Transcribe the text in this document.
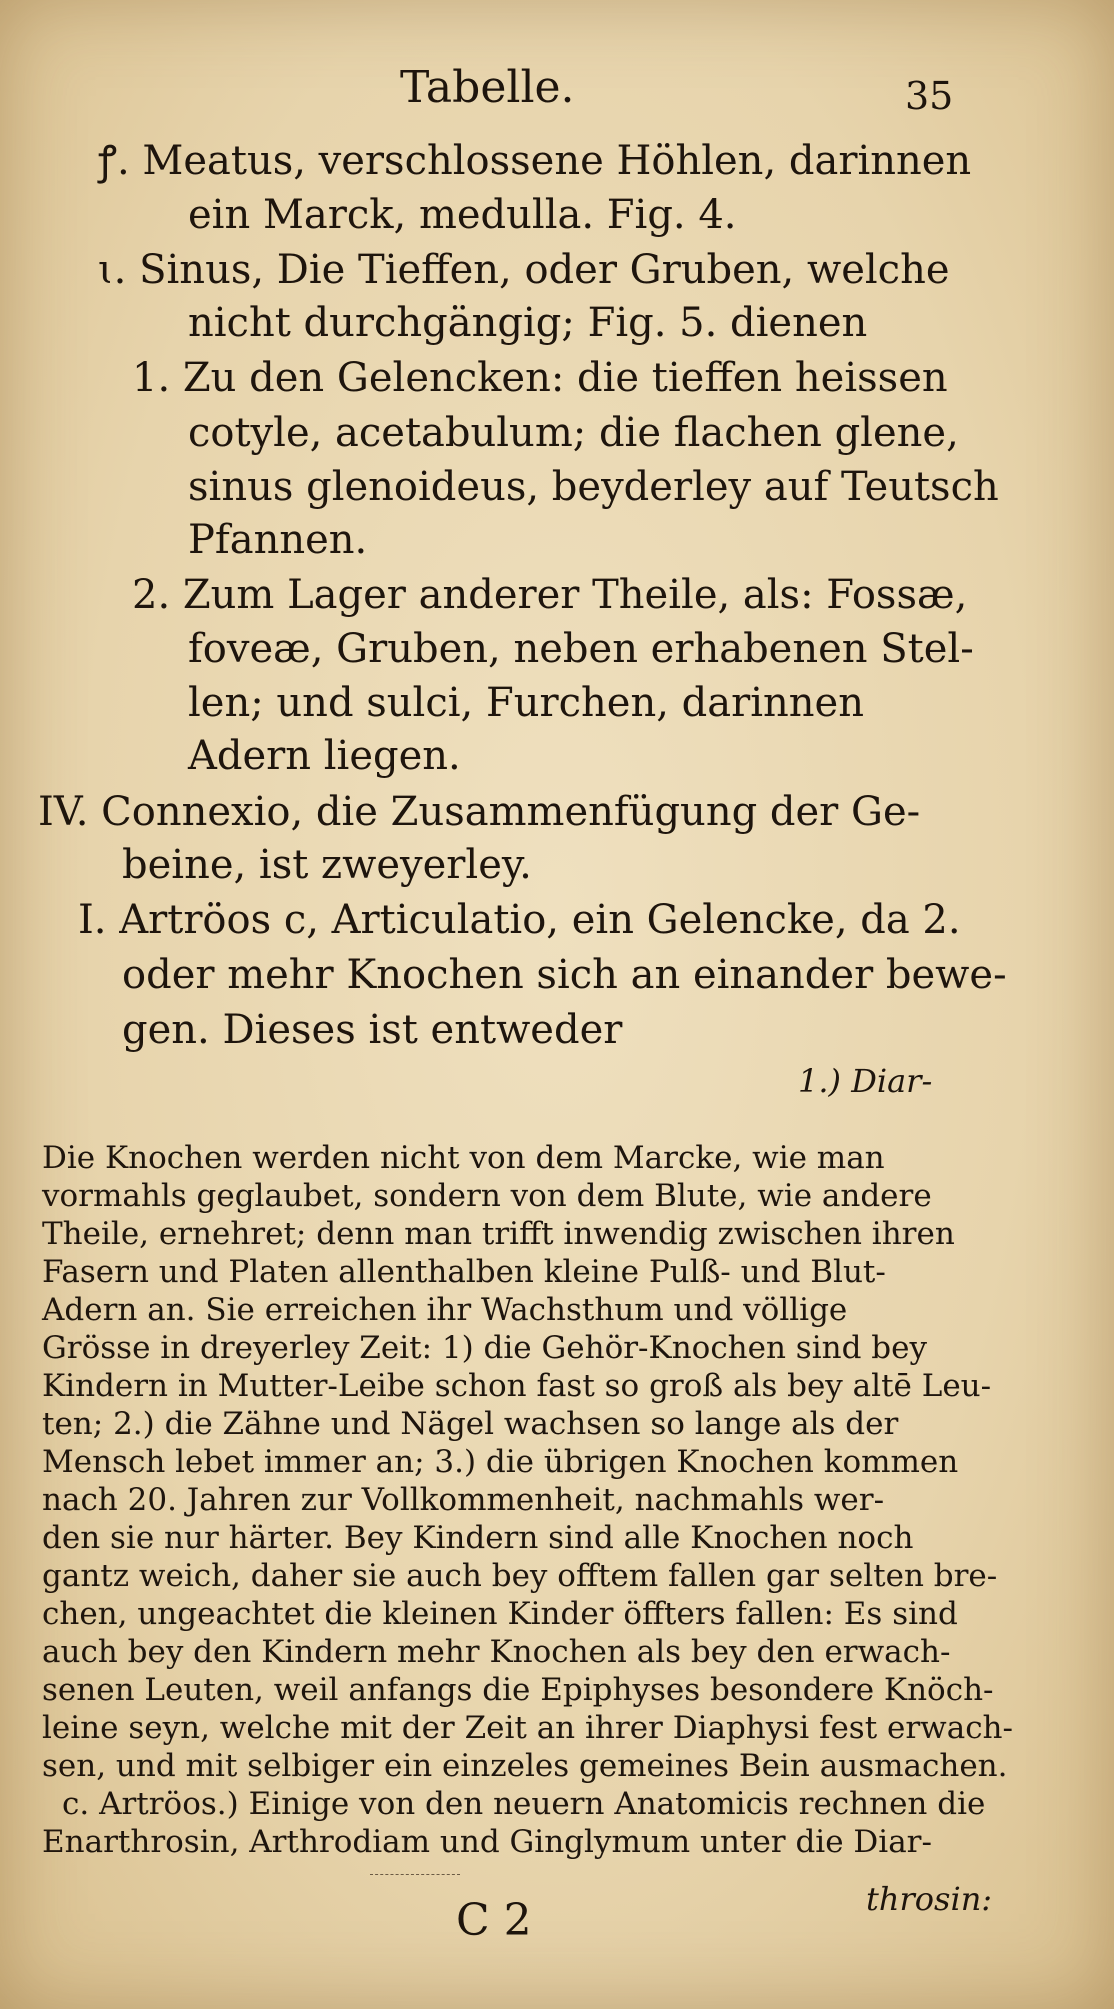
Tabelle.	35
ꝭ. Meatus, verschlossene Höhlen, darinnen
ein Marck, medulla. Fig. 4.
ɩ. Sinus, Die Tieffen, oder Gruben, welche
nicht durchgängig; Fig. 5. dienen
1. Zu den Gelencken: die tieffen heissen
cotyle, acetabulum; die flachen glene,
sinus glenoideus, beyderley auf Teutsch
Pfannen.
2. Zum Lager anderer Theile, als: Fossæ,
foveæ, Gruben, neben erhabenen Stel-
len; und sulci, Furchen, darinnen
Adern liegen.
IV. Connexio, die Zusammenfügung der Ge-
beine, ist zweyerley.
I. Artröos c, Articulatio, ein Gelencke, da 2.
oder mehr Knochen sich an einander bewe-
gen. Dieses ist entweder
1.) Diar-
Die Knochen werden nicht von dem Marcke, wie man
vormahls geglaubet, sondern von dem Blute, wie andere
Theile, ernehret; denn man trifft inwendig zwischen ihren
Fasern und Platen allenthalben kleine Pulß- und Blut-
Adern an. Sie erreichen ihr Wachsthum und völlige
Grösse in dreyerley Zeit: 1) die Gehör-Knochen sind bey
Kindern in Mutter-Leibe schon fast so groß als bey altē Leu-
ten; 2.) die Zähne und Nägel wachsen so lange als der
Mensch lebet immer an; 3.) die übrigen Knochen kommen
nach 20. Jahren zur Vollkommenheit, nachmahls wer-
den sie nur härter. Bey Kindern sind alle Knochen noch
gantz weich, daher sie auch bey offtem fallen gar selten bre-
chen, ungeachtet die kleinen Kinder öffters fallen: Es sind
auch bey den Kindern mehr Knochen als bey den erwach-
senen Leuten, weil anfangs die Epiphyses besondere Knöch-
leine seyn, welche mit der Zeit an ihrer Diaphysi fest erwach-
sen, und mit selbiger ein einzeles gemeines Bein ausmachen.
c. Artröos.) Einige von den neuern Anatomicis rechnen die
Enarthrosin, Arthrodiam und Ginglymum unter die Diar-
C 2	throsin:
